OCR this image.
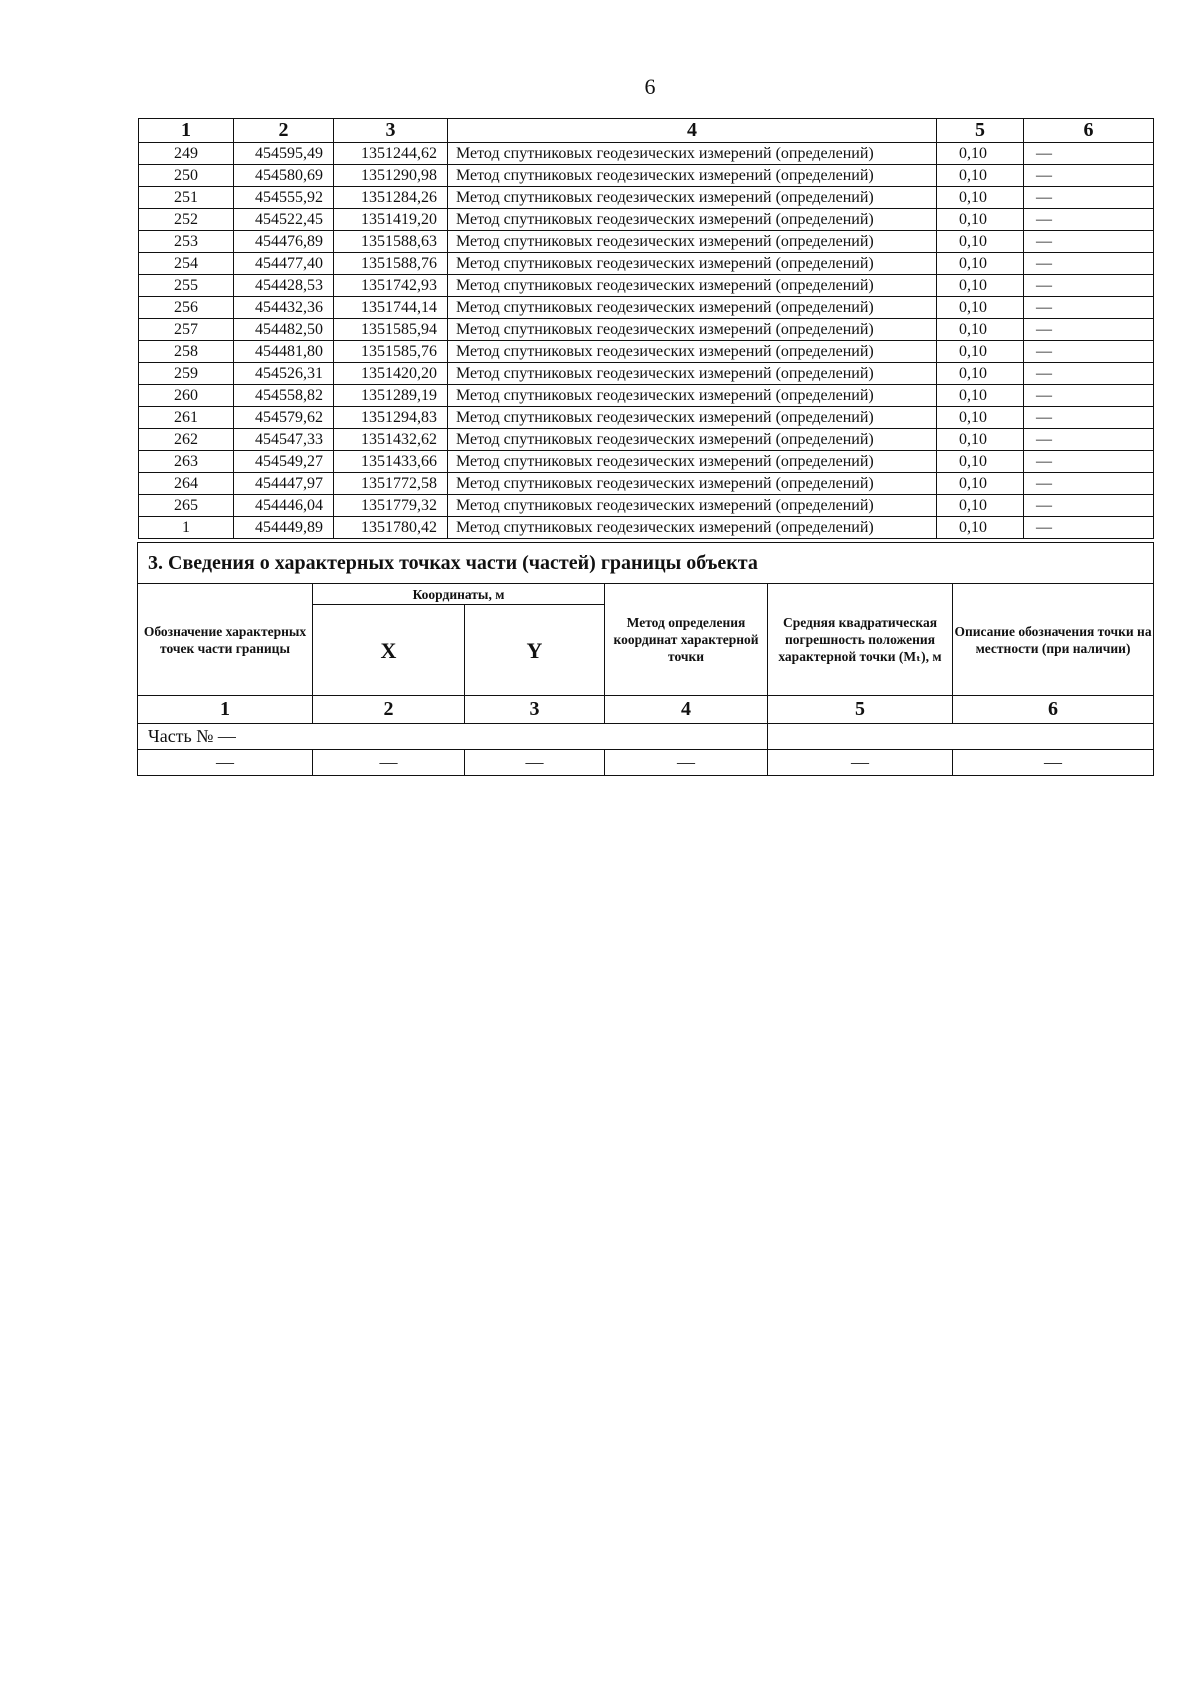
6
1	2	3	4	5	6
249	454595,49	1351244,62	Метод спутниковых геодезических измерений (определений)	0,10	—
250	454580,69	1351290,98	Метод спутниковых геодезических измерений (определений)	0,10	—
251	454555,92	1351284,26	Метод спутниковых геодезических измерений (определений)	0,10	—
252	454522,45	1351419,20	Метод спутниковых геодезических измерений (определений)	0,10	—
253	454476,89	1351588,63	Метод спутниковых геодезических измерений (определений)	0,10	—
254	454477,40	1351588,76	Метод спутниковых геодезических измерений (определений)	0,10	—
255	454428,53	1351742,93	Метод спутниковых геодезических измерений (определений)	0,10	—
256	454432,36	1351744,14	Метод спутниковых геодезических измерений (определений)	0,10	—
257	454482,50	1351585,94	Метод спутниковых геодезических измерений (определений)	0,10	—
258	454481,80	1351585,76	Метод спутниковых геодезических измерений (определений)	0,10	—
259	454526,31	1351420,20	Метод спутниковых геодезических измерений (определений)	0,10	—
260	454558,82	1351289,19	Метод спутниковых геодезических измерений (определений)	0,10	—
261	454579,62	1351294,83	Метод спутниковых геодезических измерений (определений)	0,10	—
262	454547,33	1351432,62	Метод спутниковых геодезических измерений (определений)	0,10	—
263	454549,27	1351433,66	Метод спутниковых геодезических измерений (определений)	0,10	—
264	454447,97	1351772,58	Метод спутниковых геодезических измерений (определений)	0,10	—
265	454446,04	1351779,32	Метод спутниковых геодезических измерений (определений)	0,10	—
1	454449,89	1351780,42	Метод спутниковых геодезических измерений (определений)	0,10	—
3. Сведения о характерных точках части (частей) границы объекта					
Обозначение характерных точек части границы	Координаты, м		Метод определения координат характерной точки	Средняя квадратическая погрешность положения характерной точки (Mₜ), м	Описание обозначения точки на местности (при наличии)
	X	Y			
1	2	3	4	5	6
Часть № —					
—	—	—	—	—	—
